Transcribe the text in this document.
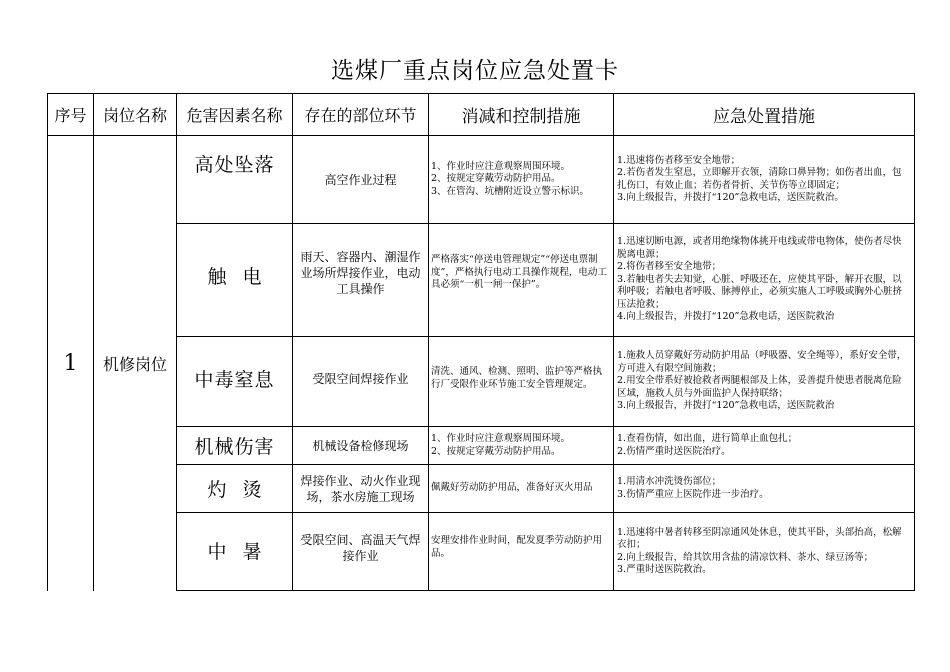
选煤厂重点岗位应急处置卡
序号	岗位名称	危害因素名称	存在的部位环节	消减和控制措施	应急处置措施
1	机修岗位	高处坠落	高空作业过程	1、作业时应注意观察周围环境。
2、按规定穿戴劳动防护用品。
3、在管沟、坑槽附近设立警示标识。	1.迅速将伤者移至安全地带；
2.若伤者发生窒息，立即解开衣领，清除口鼻异物；如伤者出血，包扎伤口，有效止血；若伤者骨折、关节伤等立即固定；
3.向上级报告，并拨打“120”急救电话，送医院救治。

		触电	雨天、容器内、潮湿作业场所焊接作业，电动工具操作	严格落实“停送电管理规定”“停送电票制度”，严格执行电动工具操作规程，电动工具必须“一机一闸一保护”。	1.迅速切断电源，或者用绝缘物体挑开电线或带电物体，使伤者尽快脱离电源；
2.将伤者移至安全地带；
3.若触电者失去知觉，心脏、呼吸还在，应使其平卧，解开衣服，以利呼吸；若触电者呼吸、脉搏停止，必须实施人工呼吸或胸外心脏挤压法抢救；
4.向上级报告，并拨打“120”急救电话，送医院救治

		中毒窒息	受限空间焊接作业	清洗、通风、检测、照明、监护等严格执行厂受限作业环节施工安全管理规定。	1.施救人员穿戴好劳动防护用品（呼吸器、安全绳等），系好安全带，方可进入有限空间施救；
2.用安全带系好被抢救者两腿根部及上体，妥善提升使患者脱离危险区域，施救人员与外面监护人保持联络；
3.向上级报告，并拨打“120”急救电话，送医院救治

		机械伤害	机械设备检修现场	1、作业时应注意观察周围环境。
2、按规定穿戴劳动防护用品。	1.查看伤情，如出血，进行简单止血包扎；
2.伤情严重时送医院治疗。

		灼烫	焊接作业、动火作业现场，茶水房施工现场	佩戴好劳动防护用品，准备好灭火用品	1.用清水冲洗烫伤部位；
3.伤情严重应上医院作进一步治疗。

		中暑	受限空间、高温天气焊接作业	安理安排作业时间，配发夏季劳动防护用品。	1.迅速将中暑者转移至阴凉通风处休息，使其平卧，头部抬高，松解衣扣；
2.向上级报告，给其饮用含盐的清凉饮料、茶水、绿豆汤等；
3.严重时送医院救治。
